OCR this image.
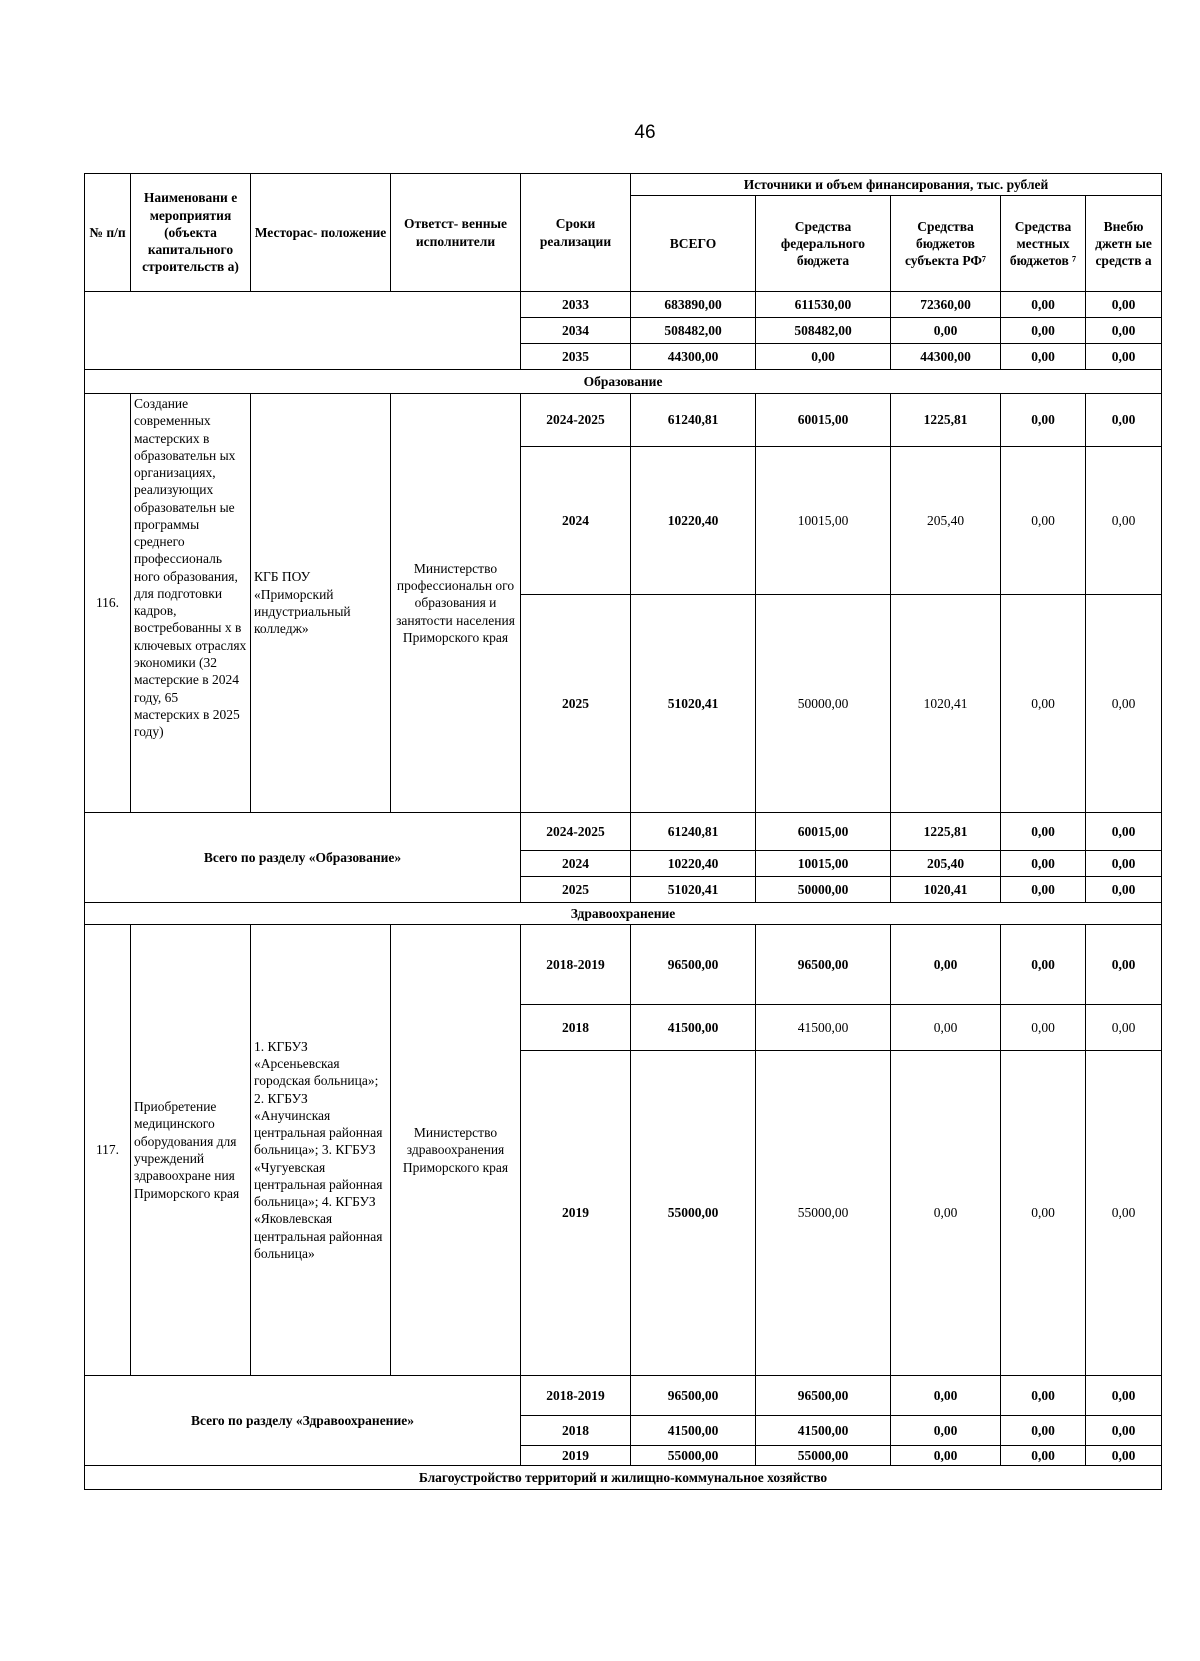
46
№ п/п	Наименовани е мероприятия (объекта капитального строительств а)	Месторас- положение	Ответст- венные исполнители	Сроки реализации	Источники и объем финансирования, тыс. рублей				
					ВСЕГО	Средства федерального бюджета	Средства бюджетов субъекта РФ⁷	Средства местных бюджетов ⁷	Внебю джетн ые средств а
				2033	683890,00	611530,00	72360,00	0,00	0,00
				2034	508482,00	508482,00	0,00	0,00	0,00
				2035	44300,00	0,00	44300,00	0,00	0,00
Образование									
116.	Создание современных мастерских в образовательн ых организациях, реализующих образовательн ые программы среднего профессиональ ного образования, для подготовки кадров, востребованны х в ключевых отраслях экономики (32 мастерские в 2024 году, 65 мастерских в 2025 году)	КГБ ПОУ «Приморский индустриальный колледж»	Министерство профессиональн ого образования и занятости населения Приморского края	2024-2025	61240,81	60015,00	1225,81	0,00	0,00
				2024	10220,40	10015,00	205,40	0,00	0,00
				2025	51020,41	50000,00	1020,41	0,00	0,00
Всего по разделу «Образование»				2024-2025	61240,81	60015,00	1225,81	0,00	0,00
				2024	10220,40	10015,00	205,40	0,00	0,00
				2025	51020,41	50000,00	1020,41	0,00	0,00
Здравоохранение									
117.	Приобретение медицинского оборудования для учреждений здравоохране ния Приморского края	1. КГБУЗ «Арсеньевская городская больница»; 2. КГБУЗ «Анучинская центральная районная больница»; 3. КГБУЗ «Чугуевская центральная районная больница»; 4. КГБУЗ «Яковлевская центральная районная больница»	Министерство здравоохранения Приморского края	2018-2019	96500,00	96500,00	0,00	0,00	0,00
				2018	41500,00	41500,00	0,00	0,00	0,00
				2019	55000,00	55000,00	0,00	0,00	0,00
Всего по разделу «Здравоохранение»				2018-2019	96500,00	96500,00	0,00	0,00	0,00
				2018	41500,00	41500,00	0,00	0,00	0,00
				2019	55000,00	55000,00	0,00	0,00	0,00
Благоустройство территорий и жилищно-коммунальное хозяйство									
